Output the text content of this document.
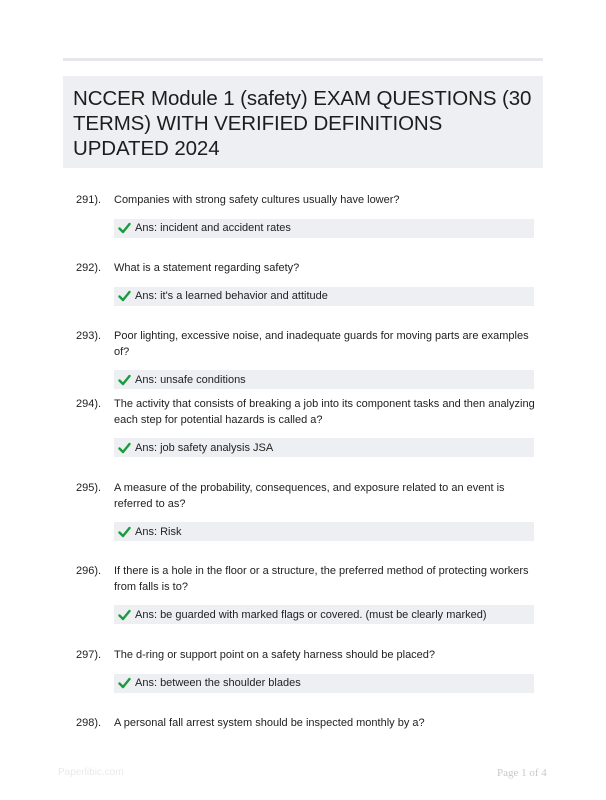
NCCER Module 1 (safety) EXAM QUESTIONS (30 TERMS) WITH VERIFIED DEFINITIONS UPDATED 2024
291).	Companies with strong safety cultures usually have lower?
Ans: incident and accident rates
292).	What is a statement regarding safety?
Ans: it's a learned behavior and attitude
293).	Poor lighting, excessive noise, and inadequate guards for moving parts are examples of?
Ans: unsafe conditions
294).	The activity that consists of breaking a job into its component tasks and then analyzing each step for potential hazards is called a?
Ans: job safety analysis JSA
295).	A measure of the probability, consequences, and exposure related to an event is referred to as?
Ans: Risk
296).	If there is a hole in the floor or a structure, the preferred method of protecting workers from falls is to?
Ans: be guarded with marked flags or covered. (must be clearly marked)
297).	The d-ring or support point on a safety harness should be placed?
Ans: between the shoulder blades
298).	A personal fall arrest system should be inspected monthly by a?
Paperlibic.com	Page 1 of 4
